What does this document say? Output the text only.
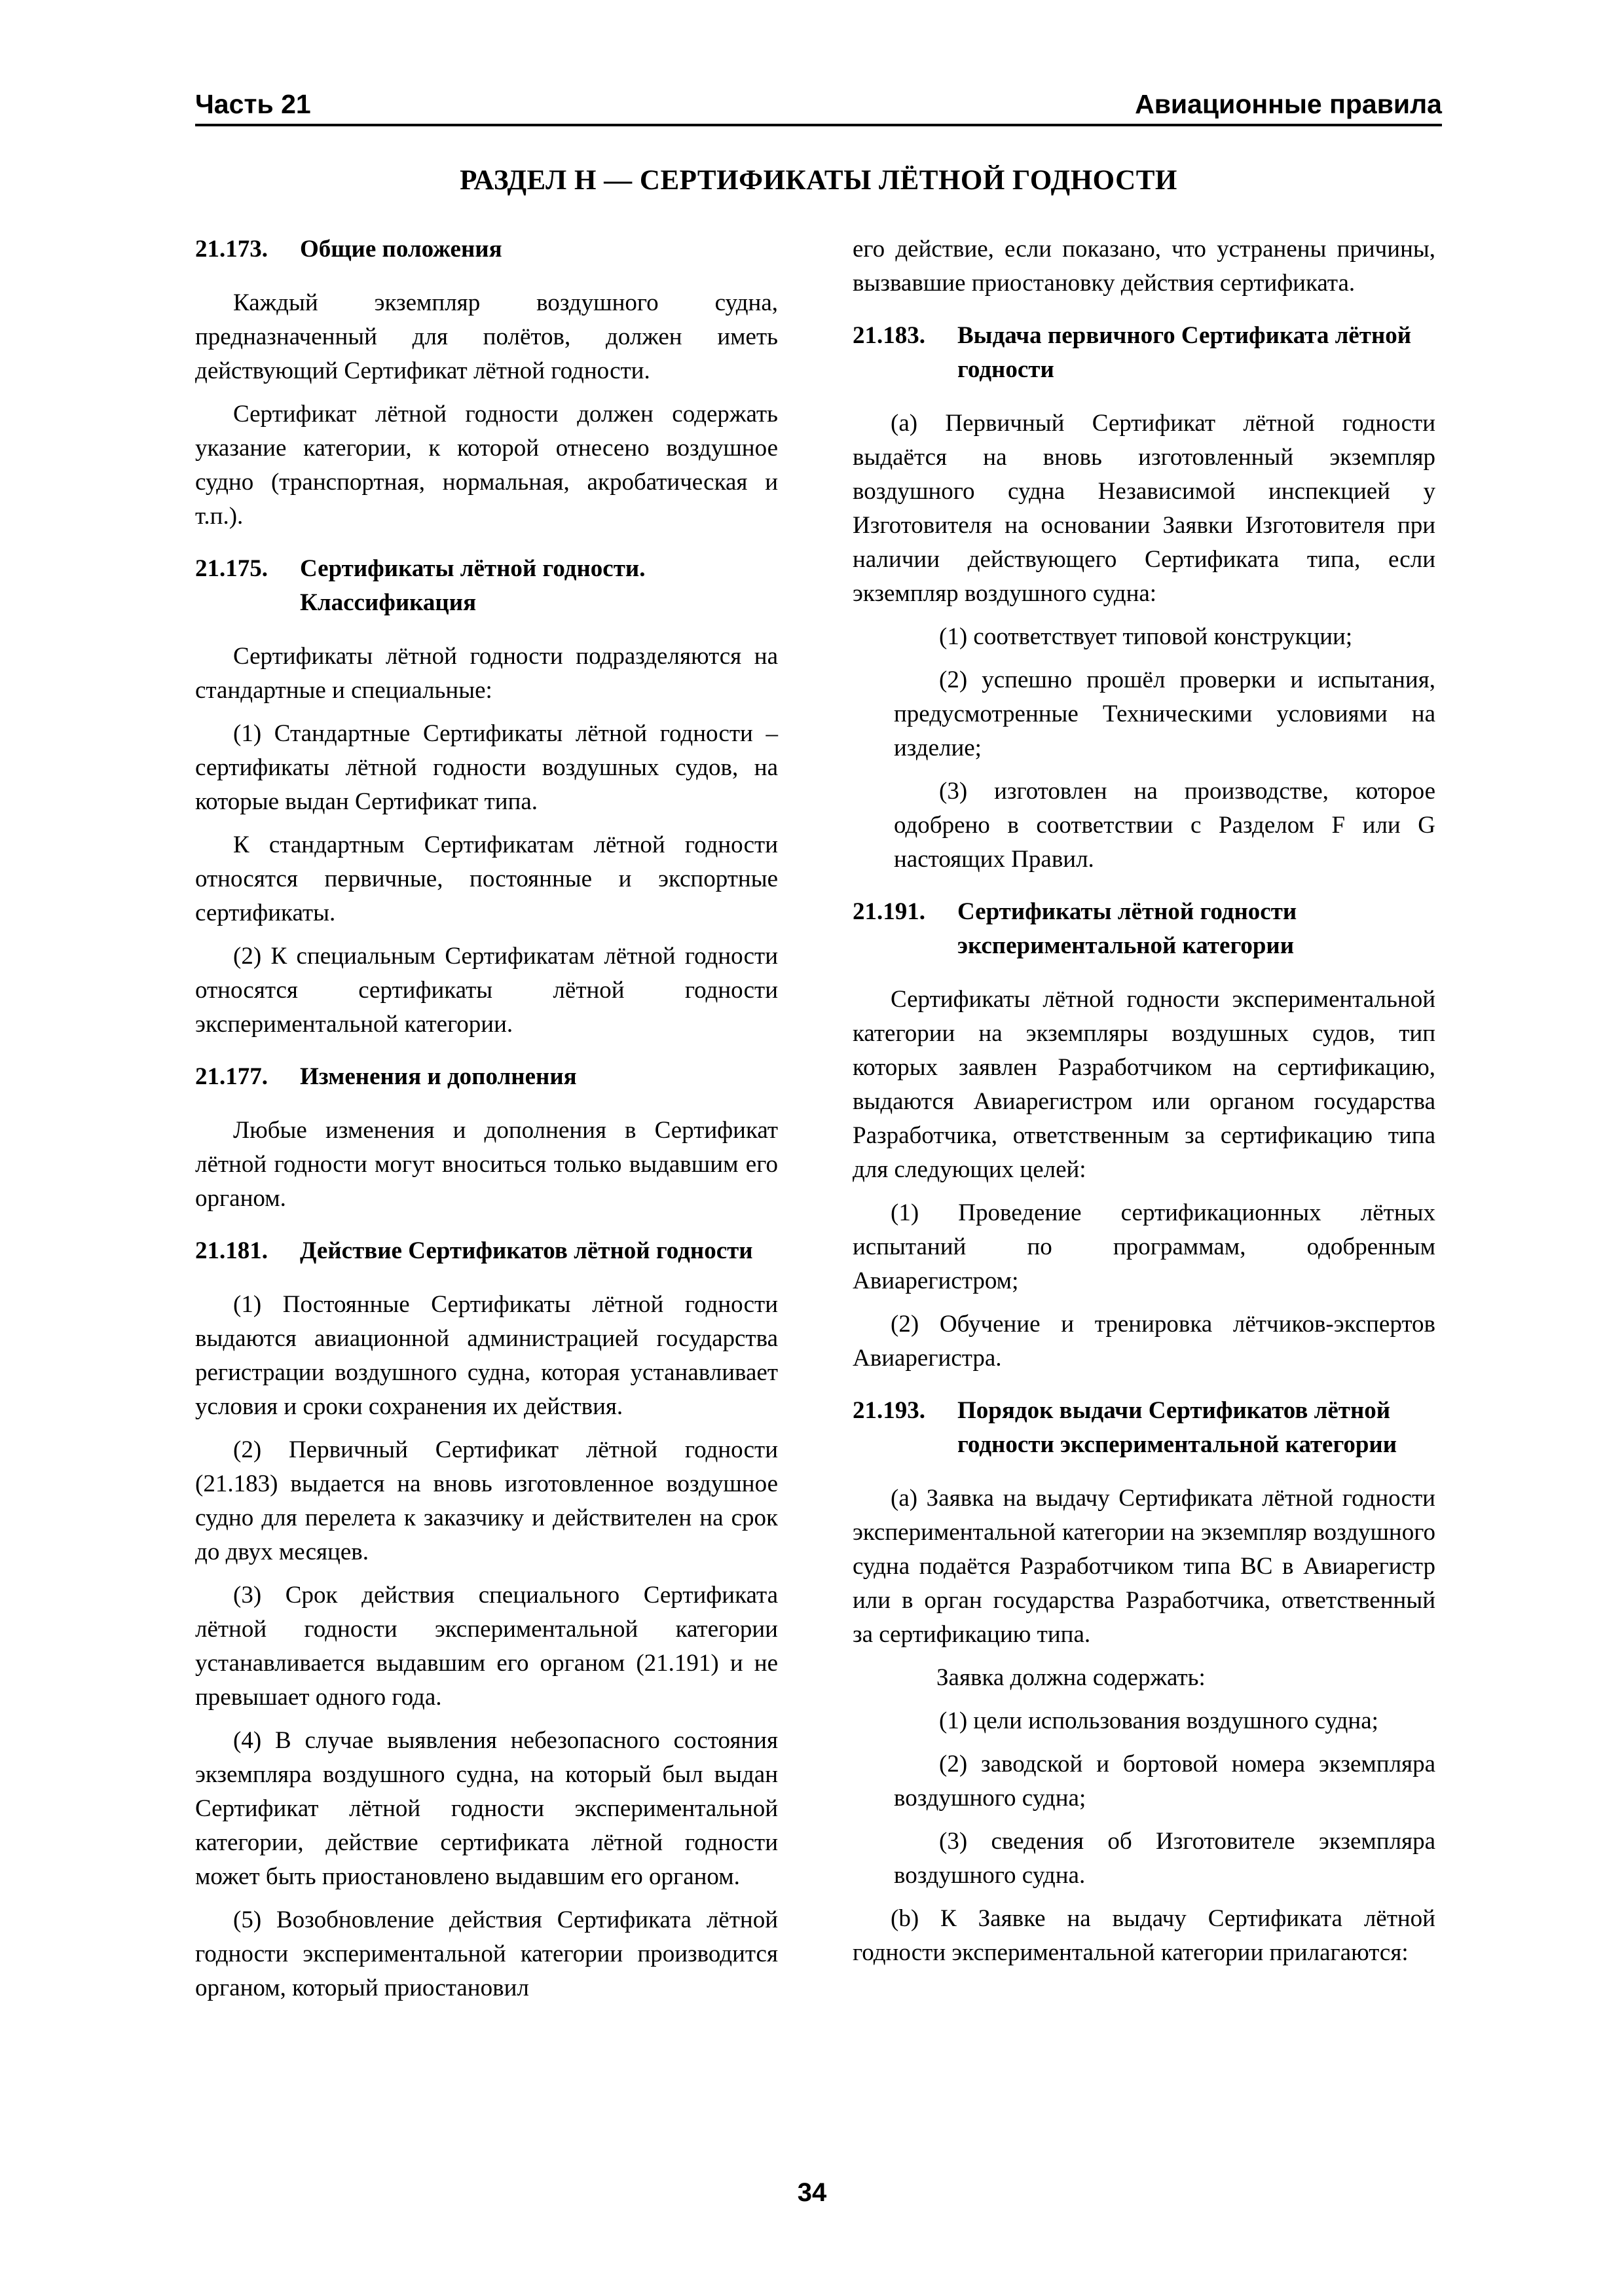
Часть 21	Авиационные правила
РАЗДЕЛ H — СЕРТИФИКАТЫ ЛЁТНОЙ ГОДНОСТИ
21.173.	Общие положения

Каждый экземпляр воздушного судна, предназначенный для полётов, должен иметь действующий Сертификат лётной годности.

Сертификат лётной годности должен содержать указание категории, к которой отнесено воздушное судно (транспортная, нормальная, акробатическая и т.п.).

21.175.	Сертификаты лётной годности. Классификация

Сертификаты лётной годности подразделяются на стандартные и специальные:

(1) Стандартные Сертификаты лётной годности – сертификаты лётной годности воздушных судов, на которые выдан Сертификат типа.

К стандартным Сертификатам лётной годности относятся первичные, постоянные и экспортные сертификаты.

(2) К специальным Сертификатам лётной годности относятся сертификаты лётной годности экспериментальной категории.

21.177.	Изменения и дополнения

Любые изменения и дополнения в Сертификат лётной годности могут вноситься только выдавшим его органом.

21.181.	Действие Сертификатов лётной годности

(1) Постоянные Сертификаты лётной годности выдаются авиационной администрацией государства регистрации воздушного судна, которая устанавливает условия и сроки сохранения их действия.

(2) Первичный Сертификат лётной годности (21.183) выдается на вновь изготовленное воздушное судно для перелета к заказчику и действителен на срок до двух месяцев.

(3) Срок действия специального Сертификата лётной годности экспериментальной категории устанавливается выдавшим его органом (21.191) и не превышает одного года.

(4) В случае выявления небезопасного состояния экземпляра воздушного судна, на который был выдан Сертификат лётной годности экспериментальной категории, действие сертификата лётной годности может быть приостановлено выдавшим его органом.

(5) Возобновление действия Сертификата лётной годности экспериментальной категории производится органом, который приостановил

его действие, если показано, что устранены причины, вызвавшие приостановку действия сертификата.

21.183.	Выдача первичного Сертификата лётной годности

(a) Первичный Сертификат лётной годности выдаётся на вновь изготовленный экземпляр воздушного судна Независимой инспекцией у Изготовителя на основании Заявки Изготовителя при наличии действующего Сертификата типа, если экземпляр воздушного судна:

(1) соответствует типовой конструкции;

(2) успешно прошёл проверки и испытания, предусмотренные Техническими условиями на изделие;

(3) изготовлен на производстве, которое одобрено в соответствии с Разделом F или G настоящих Правил.

21.191.	Сертификаты лётной годности экспериментальной категории

Сертификаты лётной годности экспериментальной категории на экземпляры воздушных судов, тип которых заявлен Разработчиком на сертификацию, выдаются Авиарегистром или органом государства Разработчика, ответственным за сертификацию типа для следующих целей:

(1) Проведение сертификационных лётных испытаний по программам, одобренным Авиарегистром;

(2) Обучение и тренировка лётчиков-экспертов Авиарегистра.

21.193.	Порядок выдачи Сертификатов лётной годности экспериментальной категории

(a) Заявка на выдачу Сертификата лётной годности экспериментальной категории на экземпляр воздушного судна подаётся Разработчиком типа ВС в Авиарегистр или в орган государства Разработчика, ответственный за сертификацию типа.

Заявка должна содержать:

(1) цели использования воздушного судна;

(2) заводской и бортовой номера экземпляра воздушного судна;

(3) сведения об Изготовителе экземпляра воздушного судна.

(b) К Заявке на выдачу Сертификата лётной годности экспериментальной категории прилагаются:

34
